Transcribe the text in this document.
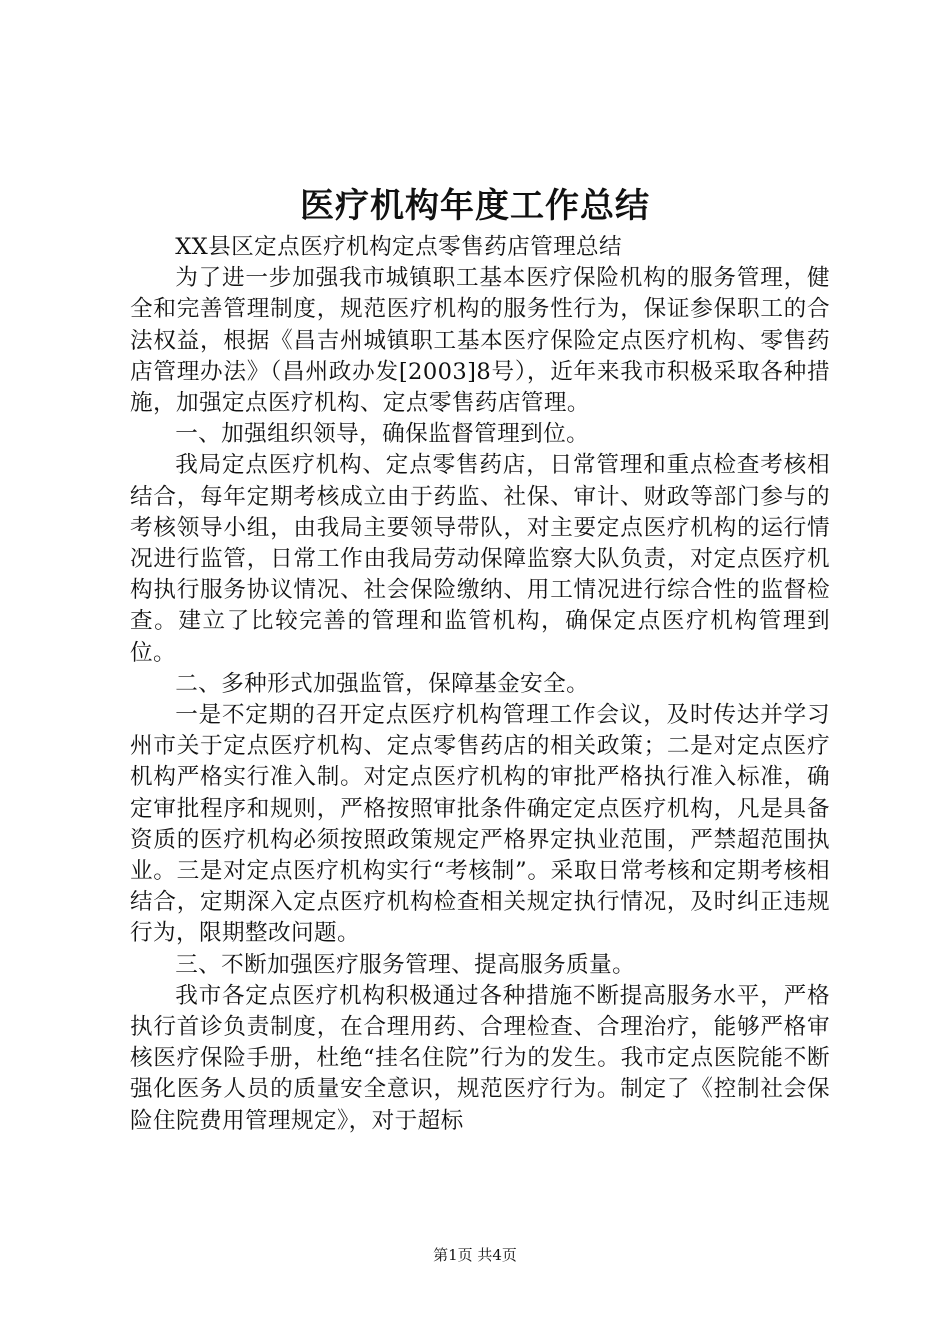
医疗机构年度工作总结

XX县区定点医疗机构定点零售药店管理总结

为了进一步加强我市城镇职工基本医疗保险机构的服务管理，健全和完善管理制度，规范医疗机构的服务性行为，保证参保职工的合法权益，根据《昌吉州城镇职工基本医疗保险定点医疗机构、零售药店管理办法》（昌州政办发[2003]8号），近年来我市积极采取各种措施，加强定点医疗机构、定点零售药店管理。

一、加强组织领导，确保监督管理到位。

我局定点医疗机构、定点零售药店，日常管理和重点检查考核相结合，每年定期考核成立由于药监、社保、审计、财政等部门参与的考核领导小组，由我局主要领导带队，对主要定点医疗机构的运行情况进行监管，日常工作由我局劳动保障监察大队负责，对定点医疗机构执行服务协议情况、社会保险缴纳、用工情况进行综合性的监督检查。建立了比较完善的管理和监管机构，确保定点医疗机构管理到位。

二、多种形式加强监管，保障基金安全。

一是不定期的召开定点医疗机构管理工作会议，及时传达并学习州市关于定点医疗机构、定点零售药店的相关政策；二是对定点医疗机构严格实行准入制。对定点医疗机构的审批严格执行准入标准，确定审批程序和规则，严格按照审批条件确定定点医疗机构，凡是具备资质的医疗机构必须按照政策规定严格界定执业范围，严禁超范围执业。三是对定点医疗机构实行“考核制”。采取日常考核和定期考核相结合，定期深入定点医疗机构检查相关规定执行情况，及时纠正违规行为，限期整改问题。

三、不断加强医疗服务管理、提高服务质量。

我市各定点医疗机构积极通过各种措施不断提高服务水平，严格执行首诊负责制度，在合理用药、合理检查、合理治疗，能够严格审核医疗保险手册，杜绝“挂名住院”行为的发生。我市定点医院能不断强化医务人员的质量安全意识，规范医疗行为。制定了《控制社会保险住院费用管理规定》，对于超标

第1页 共4页
